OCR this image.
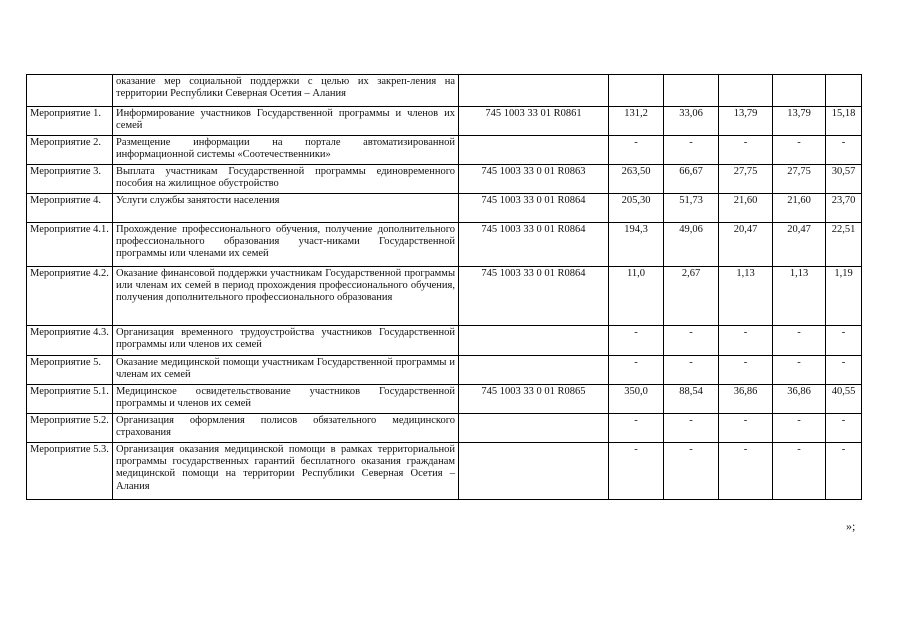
	оказание мер социальной поддержки с целью их закреп-ления на территории Республики Северная Осетия – Алания						
Мероприятие 1.	Информирование участников Государственной программы и членов их семей	745 1003 33 01 R0861	131,2	33,06	13,79	13,79	15,18
Мероприятие 2.	Размещение информации на портале автоматизированной информационной системы «Соотечественники»		-	-	-	-	-
Мероприятие 3.	Выплата участникам Государственной программы единовременного пособия на жилищное обустройство	745 1003 33 0 01 R0863	263,50	66,67	27,75	27,75	30,57
Мероприятие 4.	Услуги службы занятости населения	745 1003 33 0 01 R0864	205,30	51,73	21,60	21,60	23,70
Мероприятие 4.1.	Прохождение профессионального обучения, получение дополнительного профессионального образования участ-никами Государственной программы или членами их семей	745 1003 33 0 01 R0864	194,3	49,06	20,47	20,47	22,51
Мероприятие 4.2.	Оказание финансовой поддержки участникам Государственной программы или членам их семей в период прохождения профессионального обучения, получения дополнительного профессионального образования	745 1003 33 0 01 R0864	11,0	2,67	1,13	1,13	1,19
Мероприятие 4.3.	Организация временного трудоустройства участников Государственной программы или членов их семей		-	-	-	-	-
Мероприятие 5.	Оказание медицинской помощи участникам Государственной программы и членам их семей		-	-	-	-	-
Мероприятие 5.1.	Медицинское освидетельствование участников Государственной программы и членов их семей	745 1003 33 0 01 R0865	350,0	88,54	36,86	36,86	40,55
Мероприятие 5.2.	Организация оформления полисов обязательного медицинского страхования		-	-	-	-	-
Мероприятие 5.3.	Организация оказания медицинской помощи в рамках территориальной программы государственных гарантий бесплатного оказания гражданам медицинской помощи на территории Республики Северная Осетия – Алания		-	-	-	-	-
»;
